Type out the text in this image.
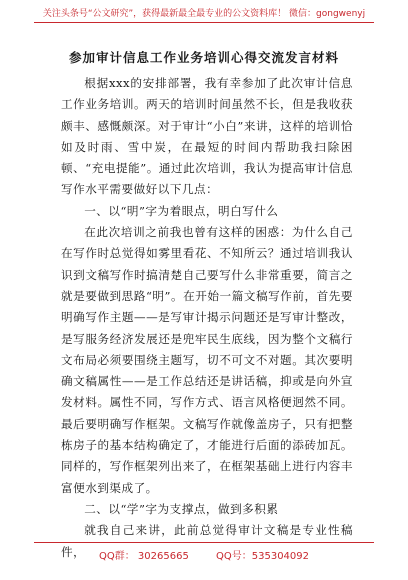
关注头条号“公文研究”，获得最新最全最专业的公文资料库！ 微信：gongwenyj
参加审计信息工作业务培训心得交流发言材料

根据xxx的安排部署，我有幸参加了此次审计信息工作业务培训。两天的培训时间虽然不长，但是我收获颇丰、感慨颇深。对于审计“小白”来讲，这样的培训恰如及时雨、雪中炭，在最短的时间内帮助我扫除困顿、“充电提能”。通过此次培训，我认为提高审计信息写作水平需要做好以下几点：

一、以“明”字为着眼点，明白写什么

在此次培训之前我也曾有这样的困惑：为什么自己在写作时总觉得如雾里看花、不知所云？通过培训我认识到文稿写作时搞清楚自己要写什么非常重要，简言之就是要做到思路“明”。在开始一篇文稿写作前，首先要明确写作主题——是写审计揭示问题还是写审计整改，是写服务经济发展还是兜牢民生底线，因为整个文稿行文布局必须要围绕主题写，切不可文不对题。其次要明确文稿属性——是工作总结还是讲话稿，抑或是向外宣发材料。属性不同，写作方式、语言风格便迥然不同。最后要明确写作框架。文稿写作就像盖房子，只有把整栋房子的基本结构确定了，才能进行后面的添砖加瓦。同样的，写作框架列出来了，在框架基础上进行内容丰富便水到渠成了。

二、以“学”字为支撑点，做到多积累

就我自己来讲，此前总觉得审计文稿是专业性稿件，	QQ群： 30265665	QQ号：535304092
